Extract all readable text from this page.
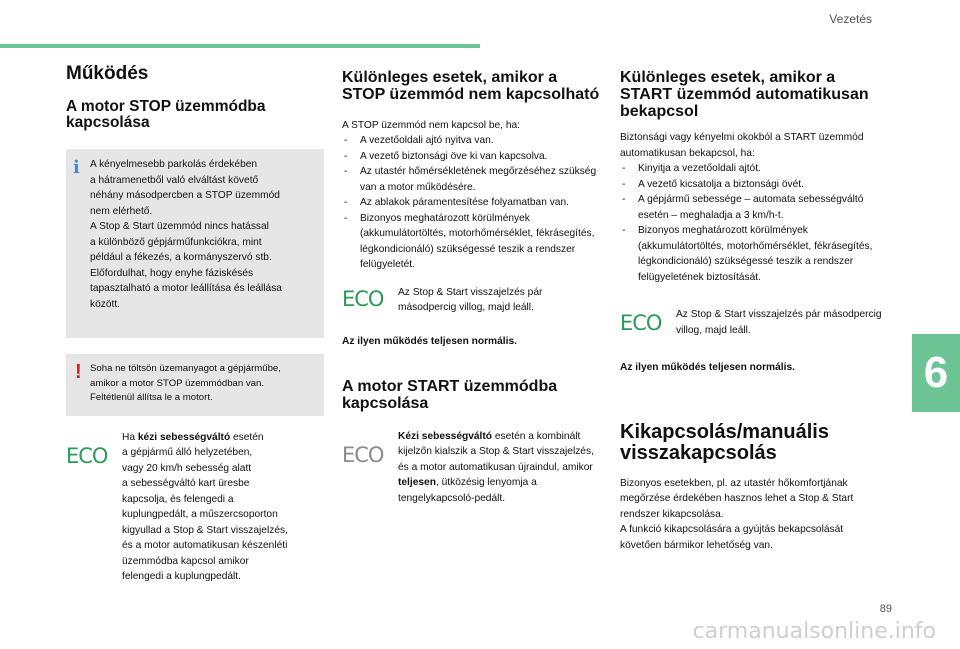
Vezetés
6
89
carmanualsonline.info
Működés
A motor STOP üzemmódba kapcsolása
i A kényelmesebb parkolás érdekében
a hátramenetből való elváltást követő
néhány másodpercben a STOP üzemmód
nem elérhető.
A Stop & Start üzemmód nincs hatással
a különböző gépjárműfunkciókra, mint
például a fékezés, a kormányszervó stb.
Előfordulhat, hogy enyhe fáziskésés
tapasztalható a motor leállítása és leállása
között.

! Soha ne töltsön üzemanyagot a gépjárműbe,
amikor a motor STOP üzemmódban van.
Feltétlenül állítsa le a motort.

ECO

Ha kézi sebességváltó esetén
a gépjármű álló helyzetében,
vagy 20 km/h sebesség alatt
a sebességváltó kart üresbe
kapcsolja, és felengedi a
kuplungpedált, a műszercsoporton
kigyullad a Stop & Start visszajelzés,
és a motor automatikusan készenléti
üzemmódba kapcsol amikor
felengedi a kuplungpedált.

Különleges esetek, amikor a STOP üzemmód nem kapcsolható

A STOP üzemmód nem kapcsol be, ha:

- A vezetőoldali ajtó nyitva van.
- A vezető biztonsági öve ki van kapcsolva.
- Az utastér hőmérsékletének megőrzéséhez szükség van a motor működésére.
- Az ablakok páramentesítése folyamatban van.
- Bizonyos meghatározott körülmények (akkumulátortöltés, motorhőmérséklet, fékrásegítés, légkondicionáló) szükségessé teszik a rendszer felügyeletét.
ECO	Az Stop & Start visszajelzés pár másodpercig villog, majd leáll.

Az ilyen működés teljesen normális.

A motor START üzemmódba kapcsolása
ECO

Kézi sebességváltó esetén a kombinált kijelzőn kialszik a Stop & Start visszajelzés, és a motor automatikusan újraindul, amikor teljesen, ütközésig lenyomja a tengelykapcsoló-pedált.

Különleges esetek, amikor a START üzemmód automatikusan bekapcsol

Biztonsági vagy kényelmi okokból a START üzemmód automatikusan bekapcsol, ha:

- Kinyitja a vezetőoldali ajtót.
- A vezető kicsatolja a biztonsági övét.
- A gépjármű sebessége – automata sebességváltó esetén – meghaladja a 3 km/h-t.
- Bizonyos meghatározott körülmények (akkumulátortöltés, motorhőmérséklet, fékrásegítés, légkondicionáló) szükségessé teszik a rendszer felügyeletének biztosítását.
ECO	Az Stop & Start visszajelzés pár másodpercig villog, majd leáll.

Az ilyen működés teljesen normális.

Kikapcsolás/manuális visszakapcsolás

Bizonyos esetekben, pl. az utastér hőkomfortjának megőrzése érdekében hasznos lehet a Stop & Start rendszer kikapcsolása.

A funkció kikapcsolására a gyújtás bekapcsolását követően bármikor lehetőség van.
